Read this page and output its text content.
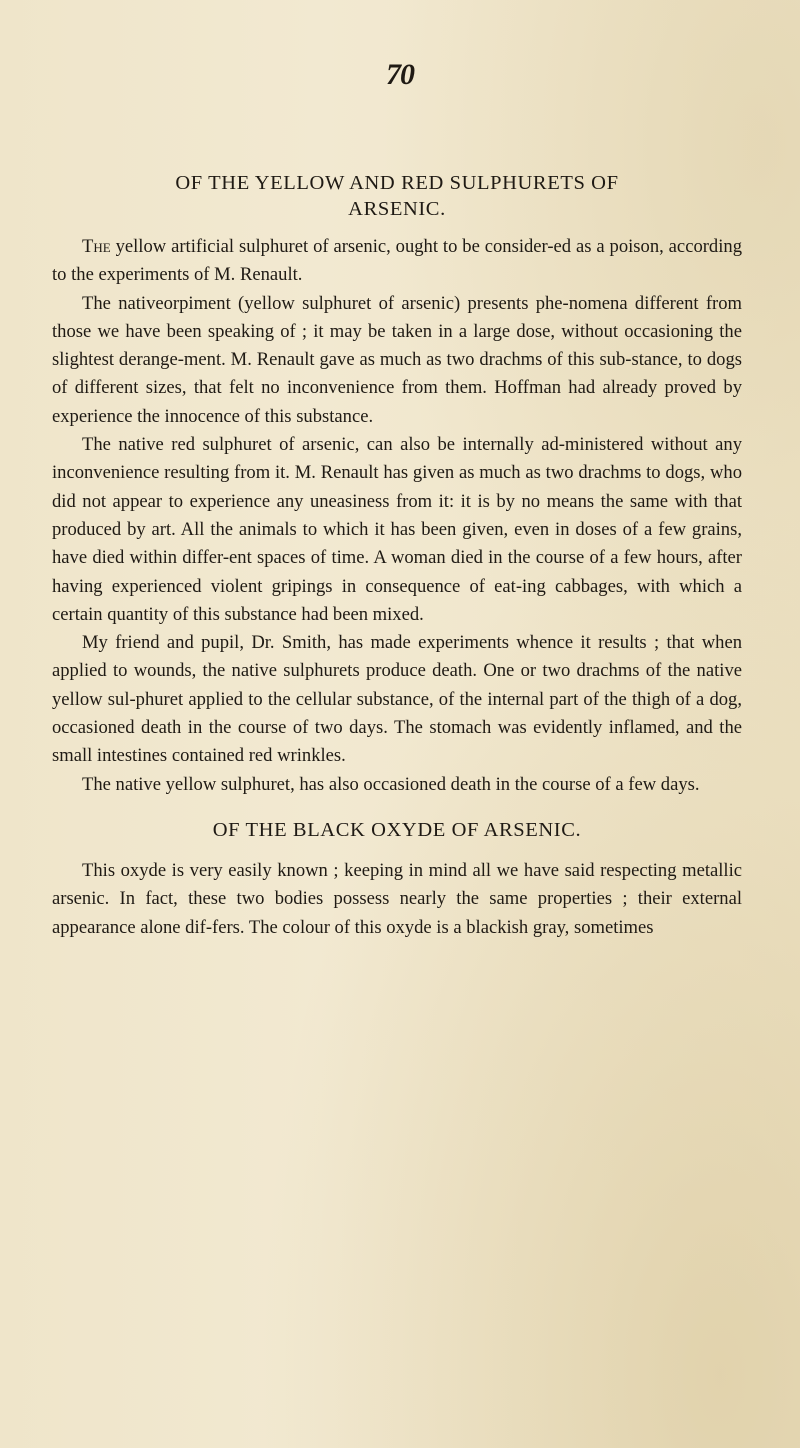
70
OF THE YELLOW AND RED SULPHURETS OF
ARSENIC.

The yellow artificial sulphuret of arsenic, ought to be consider-ed as a poison, according to the experiments of M. Renault.

The nativeorpiment (yellow sulphuret of arsenic) presents phe-nomena different from those we have been speaking of ; it may be taken in a large dose, without occasioning the slightest derange-ment. M. Renault gave as much as two drachms of this sub-stance, to dogs of different sizes, that felt no inconvenience from them. Hoffman had already proved by experience the innocence of this substance.

The native red sulphuret of arsenic, can also be internally ad-ministered without any inconvenience resulting from it. M. Renault has given as much as two drachms to dogs, who did not appear to experience any uneasiness from it: it is by no means the same with that produced by art. All the animals to which it has been given, even in doses of a few grains, have died within differ-ent spaces of time. A woman died in the course of a few hours, after having experienced violent gripings in consequence of eat-ing cabbages, with which a certain quantity of this substance had been mixed.

My friend and pupil, Dr. Smith, has made experiments whence it results ; that when applied to wounds, the native sulphurets produce death. One or two drachms of the native yellow sul-phuret applied to the cellular substance, of the internal part of the thigh of a dog, occasioned death in the course of two days. The stomach was evidently inflamed, and the small intestines contained red wrinkles.

The native yellow sulphuret, has also occasioned death in the course of a few days.

OF THE BLACK OXYDE OF ARSENIC.

This oxyde is very easily known ; keeping in mind all we have said respecting metallic arsenic. In fact, these two bodies possess nearly the same properties ; their external appearance alone dif-fers. The colour of this oxyde is a blackish gray, sometimes
